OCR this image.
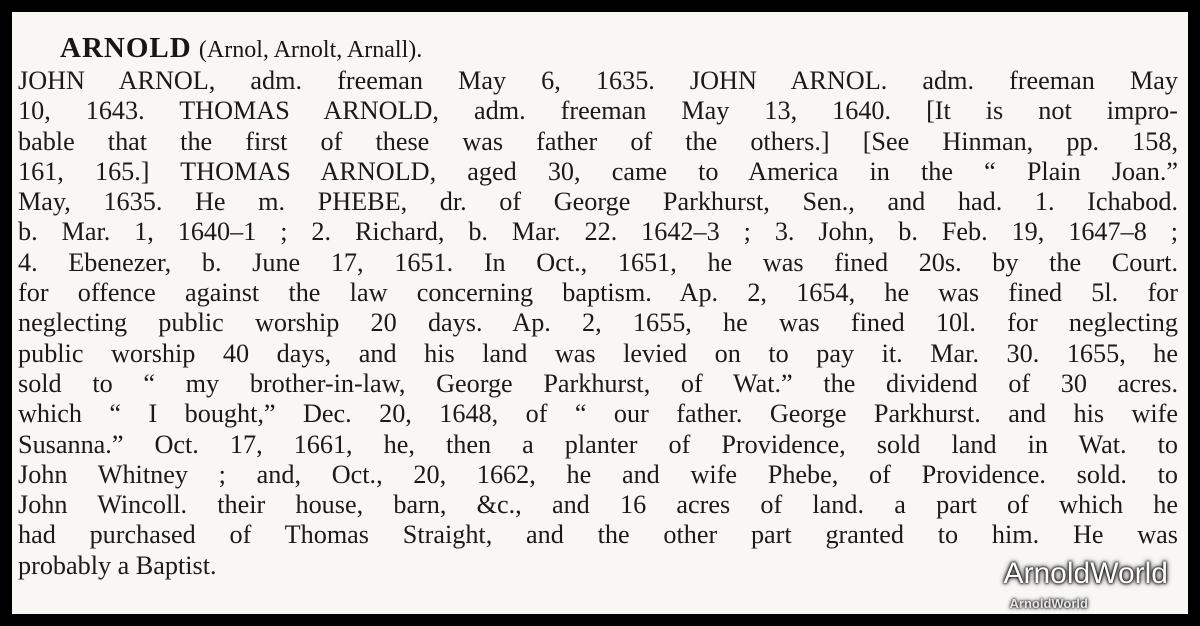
ARNOLD (Arnol, Arnolt, Arnall).
JOHN ARNOL, adm. freeman May 6, 1635. JOHN ARNOL. adm. freeman May
10, 1643. THOMAS ARNOLD, adm. freeman May 13, 1640. [It is not impro-
bable that the first of these was father of the others.] [See Hinman, pp. 158,
161, 165.] THOMAS ARNOLD, aged 30, came to America in the “ Plain Joan.”
May, 1635. He m. PHEBE, dr. of George Parkhurst, Sen., and had. 1. Ichabod.
b. Mar. 1, 1640–1 ; 2. Richard, b. Mar. 22. 1642–3 ; 3. John, b. Feb. 19, 1647–8 ;
4. Ebenezer, b. June 17, 1651. In Oct., 1651, he was fined 20s. by the Court.
for offence against the law concerning baptism. Ap. 2, 1654, he was fined 5l. for
neglecting public worship 20 days. Ap. 2, 1655, he was fined 10l. for neglecting
public worship 40 days, and his land was levied on to pay it. Mar. 30. 1655, he
sold to “ my brother-in-law, George Parkhurst, of Wat.” the dividend of 30 acres.
which “ I bought,” Dec. 20, 1648, of “ our father. George Parkhurst. and his wife
Susanna.” Oct. 17, 1661, he, then a planter of Providence, sold land in Wat. to
John Whitney ; and, Oct., 20, 1662, he and wife Phebe, of Providence. sold. to
John Wincoll. their house, barn, &c., and 16 acres of land. a part of which he
had purchased of Thomas Straight, and the other part granted to him. He was
probably a Baptist.	ArnoldWorld
ArnoldWorld
